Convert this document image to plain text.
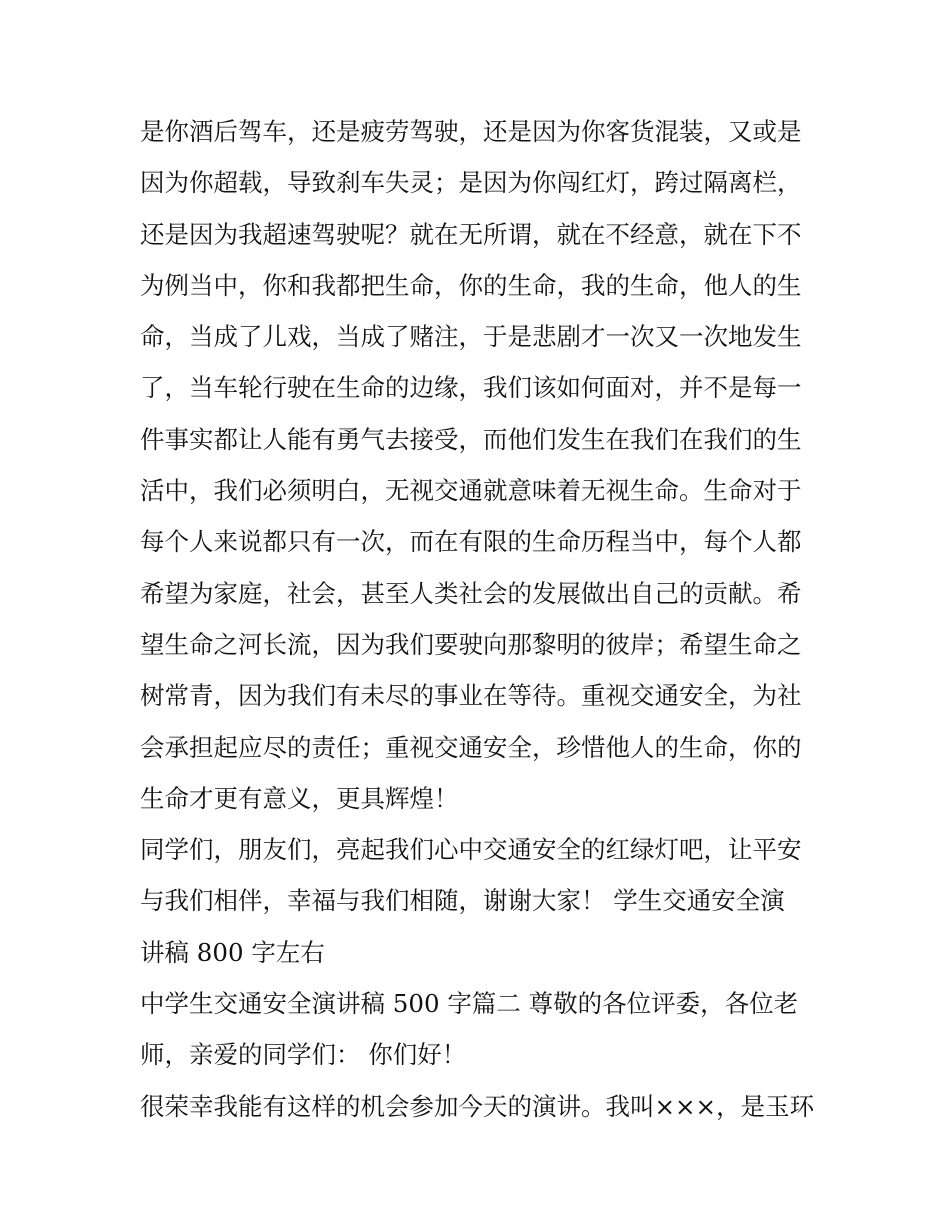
是你酒后驾车，还是疲劳驾驶，还是因为你客货混装，又或是
因为你超载，导致刹车失灵；是因为你闯红灯，跨过隔离栏，
还是因为我超速驾驶呢？就在无所谓，就在不经意，就在下不
为例当中，你和我都把生命，你的生命，我的生命，他人的生
命，当成了儿戏，当成了赌注，于是悲剧才一次又一次地发生
了，当车轮行驶在生命的边缘，我们该如何面对，并不是每一
件事实都让人能有勇气去接受，而他们发生在我们在我们的生
活中，我们必须明白，无视交通就意味着无视生命。生命对于
每个人来说都只有一次，而在有限的生命历程当中，每个人都
希望为家庭，社会，甚至人类社会的发展做出自己的贡献。希
望生命之河长流，因为我们要驶向那黎明的彼岸；希望生命之
树常青，因为我们有未尽的事业在等待。重视交通安全，为社
会承担起应尽的责任；重视交通安全，珍惜他人的生命，你的
生命才更有意义，更具辉煌！
同学们，朋友们，亮起我们心中交通安全的红绿灯吧，让平安
与我们相伴，幸福与我们相随，谢谢大家！ 学生交通安全演
讲稿 800 字左右
中学生交通安全演讲稿 500 字篇二 尊敬的各位评委，各位老
师，亲爱的同学们： 你们好！
很荣幸我能有这样的机会参加今天的演讲。我叫×××，是玉环
